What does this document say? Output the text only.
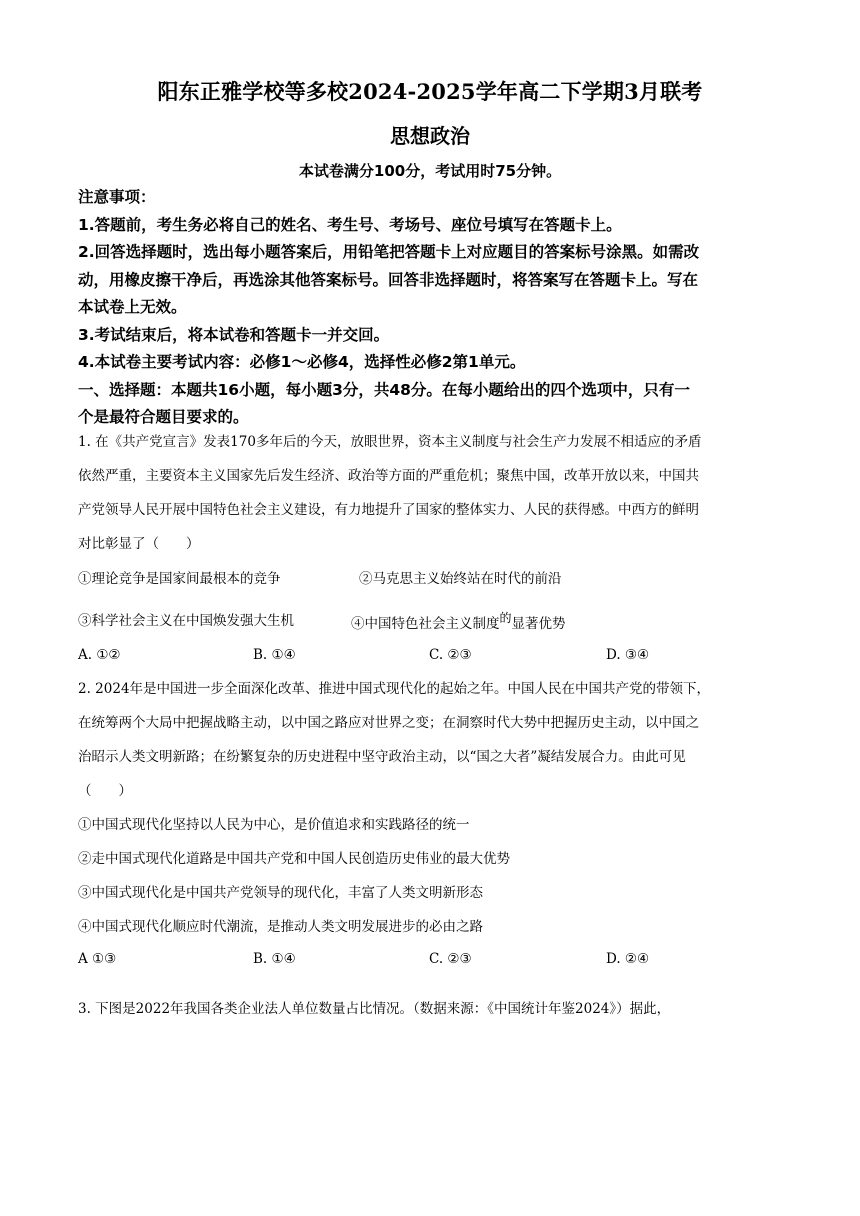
阳东正雅学校等多校2024-2025学年高二下学期3月联考
思想政治
本试卷满分100分，考试用时75分钟。
注意事项：
1.答题前，考生务必将自己的姓名、考生号、考场号、座位号填写在答题卡上。
2.回答选择题时，选出每小题答案后，用铅笔把答题卡上对应题目的答案标号涂黑。如需改
动，用橡皮擦干净后，再选涂其他答案标号。回答非选择题时，将答案写在答题卡上。写在
本试卷上无效。
3.考试结束后，将本试卷和答题卡一并交回。
4.本试卷主要考试内容：必修1～必修4，选择性必修2第1单元。
一、选择题：本题共16小题，每小题3分，共48分。在每小题给出的四个选项中，只有一
个是最符合题目要求的。
1. 在《共产党宣言》发表170多年后的今天，放眼世界，资本主义制度与社会生产力发展不相适应的矛盾
依然严重，主要资本主义国家先后发生经济、政治等方面的严重危机；聚焦中国，改革开放以来，中国共
产党领导人民开展中国特色社会主义建设，有力地提升了国家的整体实力、人民的获得感。中西方的鲜明
对比彰显了（　　）
①理论竞争是国家间最根本的竞争	②马克思主义始终站在时代的前沿
③科学社会主义在中国焕发强大生机	④中国特色社会主义制度$^的$显著优势
A. ①②	B. ①④	C. ②③	D. ③④
2. 2024年是中国进一步全面深化改革、推进中国式现代化的起始之年。中国人民在中国共产党的带领下，
在统筹两个大局中把握战略主动，以中国之路应对世界之变；在洞察时代大势中把握历史主动，以中国之
治昭示人类文明新路；在纷繁复杂的历史进程中坚守政治主动，以“国之大者”凝结发展合力。由此可见
（　　）
①中国式现代化坚持以人民为中心，是价值追求和实践路径的统一
②走中国式现代化道路是中国共产党和中国人民创造历史伟业的最大优势
③中国式现代化是中国共产党领导的现代化，丰富了人类文明新形态
④中国式现代化顺应时代潮流，是推动人类文明发展进步的必由之路
A ①③	B. ①④	C. ②③	D. ②④
3. 下图是2022年我国各类企业法人单位数量占比情况。（数据来源：《中国统计年鉴2024》）据此，
